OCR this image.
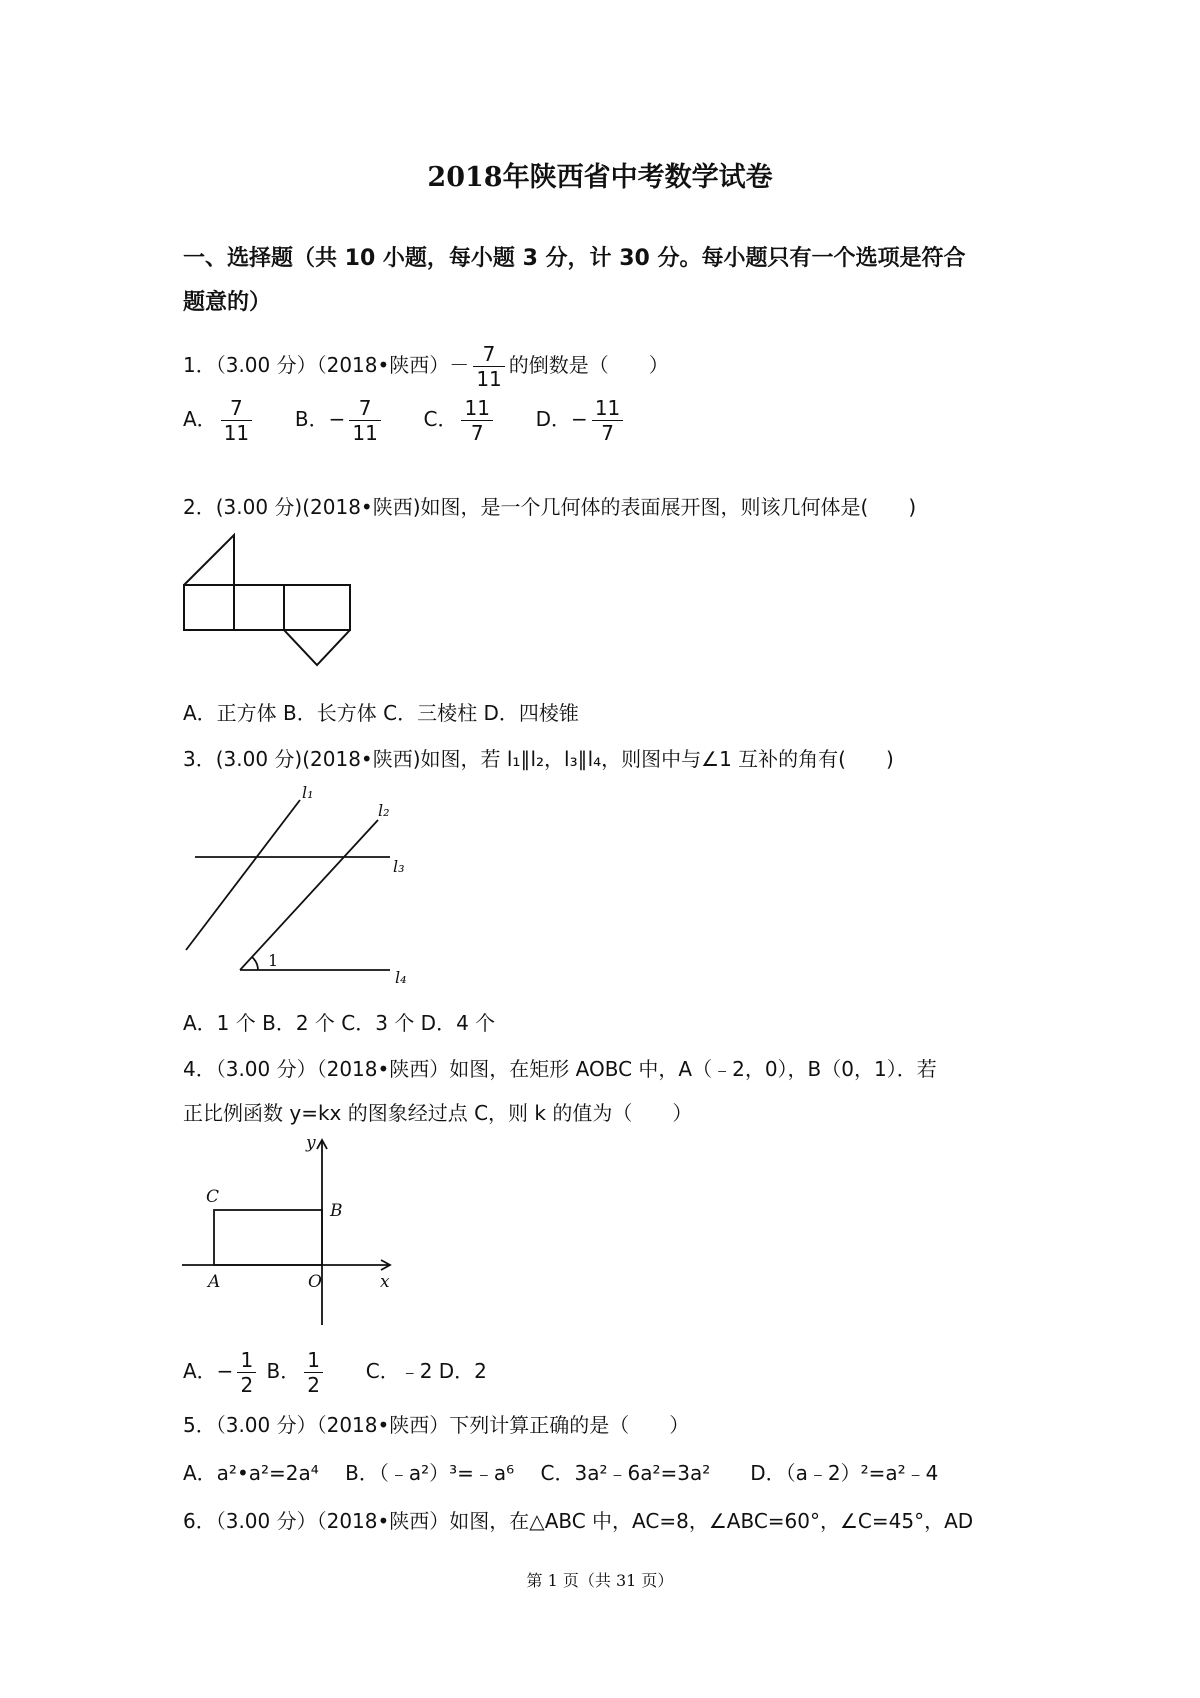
2018年陕西省中考数学试卷
一、选择题（共 10 小题，每小题 3 分，计 30 分。每小题只有一个选项是符合
题意的）
1．（3.00 分）（2018•陕西）－ $\frac{7}{11}$ 的倒数是（　　）
A． $\frac{7}{11}$ B．− $\frac{7}{11}$ C． $\frac{11}{7}$ D．− $\frac{11}{7}$
2．(3.00 分)(2018•陕西)如图，是一个几何体的表面展开图，则该几何体是(　　)
A．正方体 B．长方体 C．三棱柱 D．四棱锥
3．(3.00 分)(2018•陕西)如图，若 l₁∥l₂，l₃∥l₄，则图中与∠1 互补的角有(　　)
l₁
l₂
l₃
l₄
1
A．1 个 B．2 个 C．3 个 D．4 个
4．（3.00 分）（2018•陕西）如图，在矩形 AOBC 中，A（﹣2，0），B（0，1）．若
正比例函数 y=kx 的图象经过点 C，则 k 的值为（　　）
y
x
C
B
A	O
A．− $\frac{1}{2}$ B． $\frac{1}{2}$ C．﹣2 D．2
5．（3.00 分）（2018•陕西）下列计算正确的是（　　）
A．a²•a²=2a⁴　 B．（﹣a²）³=﹣a⁶　 C．3a²﹣6a²=3a²　　D．（a﹣2）²=a²﹣4
6．（3.00 分）（2018•陕西）如图，在△ABC 中，AC=8，∠ABC=60°，∠C=45°，AD
第 1 页（共 31 页）
